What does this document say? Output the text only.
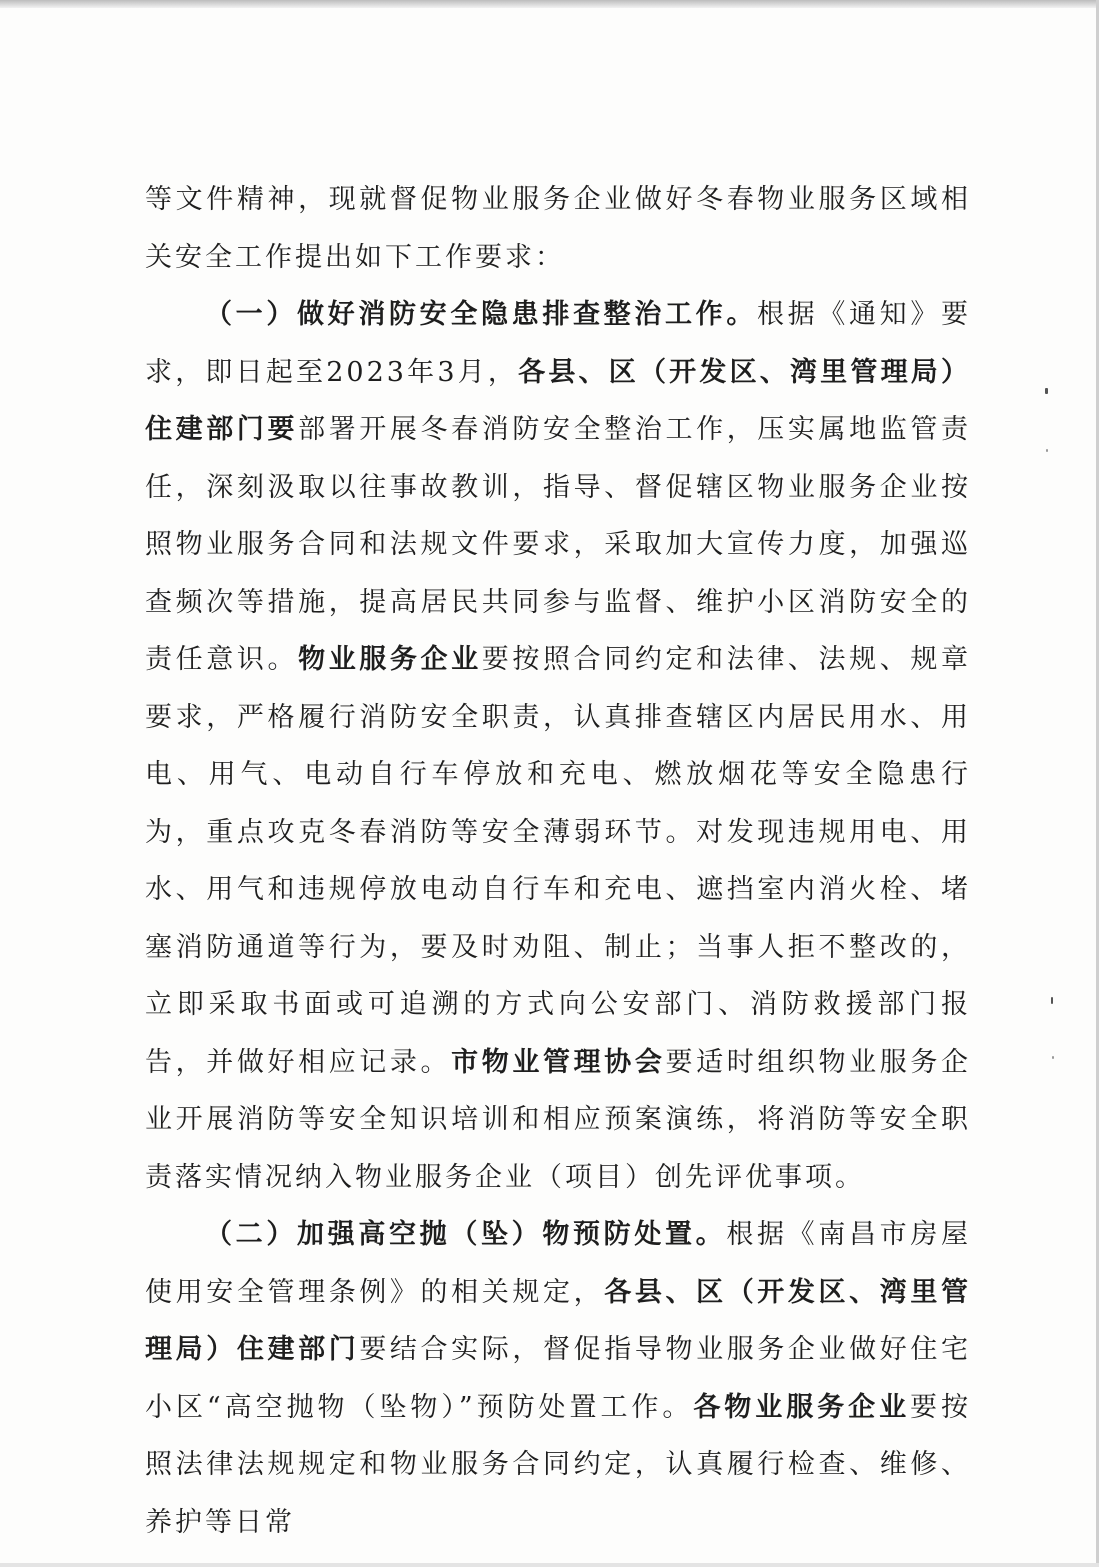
等文件精神，现就督促物业服务企业做好冬春物业服务区域相关安全工作提出如下工作要求：

（一）做好消防安全隐患排查整治工作。根据《通知》要求，即日起至2023年3月，各县、区（开发区、湾里管理局）住建部门要部署开展冬春消防安全整治工作，压实属地监管责任，深刻汲取以往事故教训，指导、督促辖区物业服务企业按照物业服务合同和法规文件要求，采取加大宣传力度，加强巡查频次等措施，提高居民共同参与监督、维护小区消防安全的责任意识。物业服务企业要按照合同约定和法律、法规、规章要求，严格履行消防安全职责，认真排查辖区内居民用水、用电、用气、电动自行车停放和充电、燃放烟花等安全隐患行为，重点攻克冬春消防等安全薄弱环节。对发现违规用电、用水、用气和违规停放电动自行车和充电、遮挡室内消火栓、堵塞消防通道等行为，要及时劝阻、制止；当事人拒不整改的，立即采取书面或可追溯的方式向公安部门、消防救援部门报告，并做好相应记录。市物业管理协会要适时组织物业服务企业开展消防等安全知识培训和相应预案演练，将消防等安全职责落实情况纳入物业服务企业（项目）创先评优事项。

（二）加强高空抛（坠）物预防处置。根据《南昌市房屋使用安全管理条例》的相关规定，各县、区（开发区、湾里管理局）住建部门要结合实际，督促指导物业服务企业做好住宅小区“高空抛物（坠物）”预防处置工作。各物业服务企业要按照法律法规规定和物业服务合同约定，认真履行检查、维修、养护等日常
